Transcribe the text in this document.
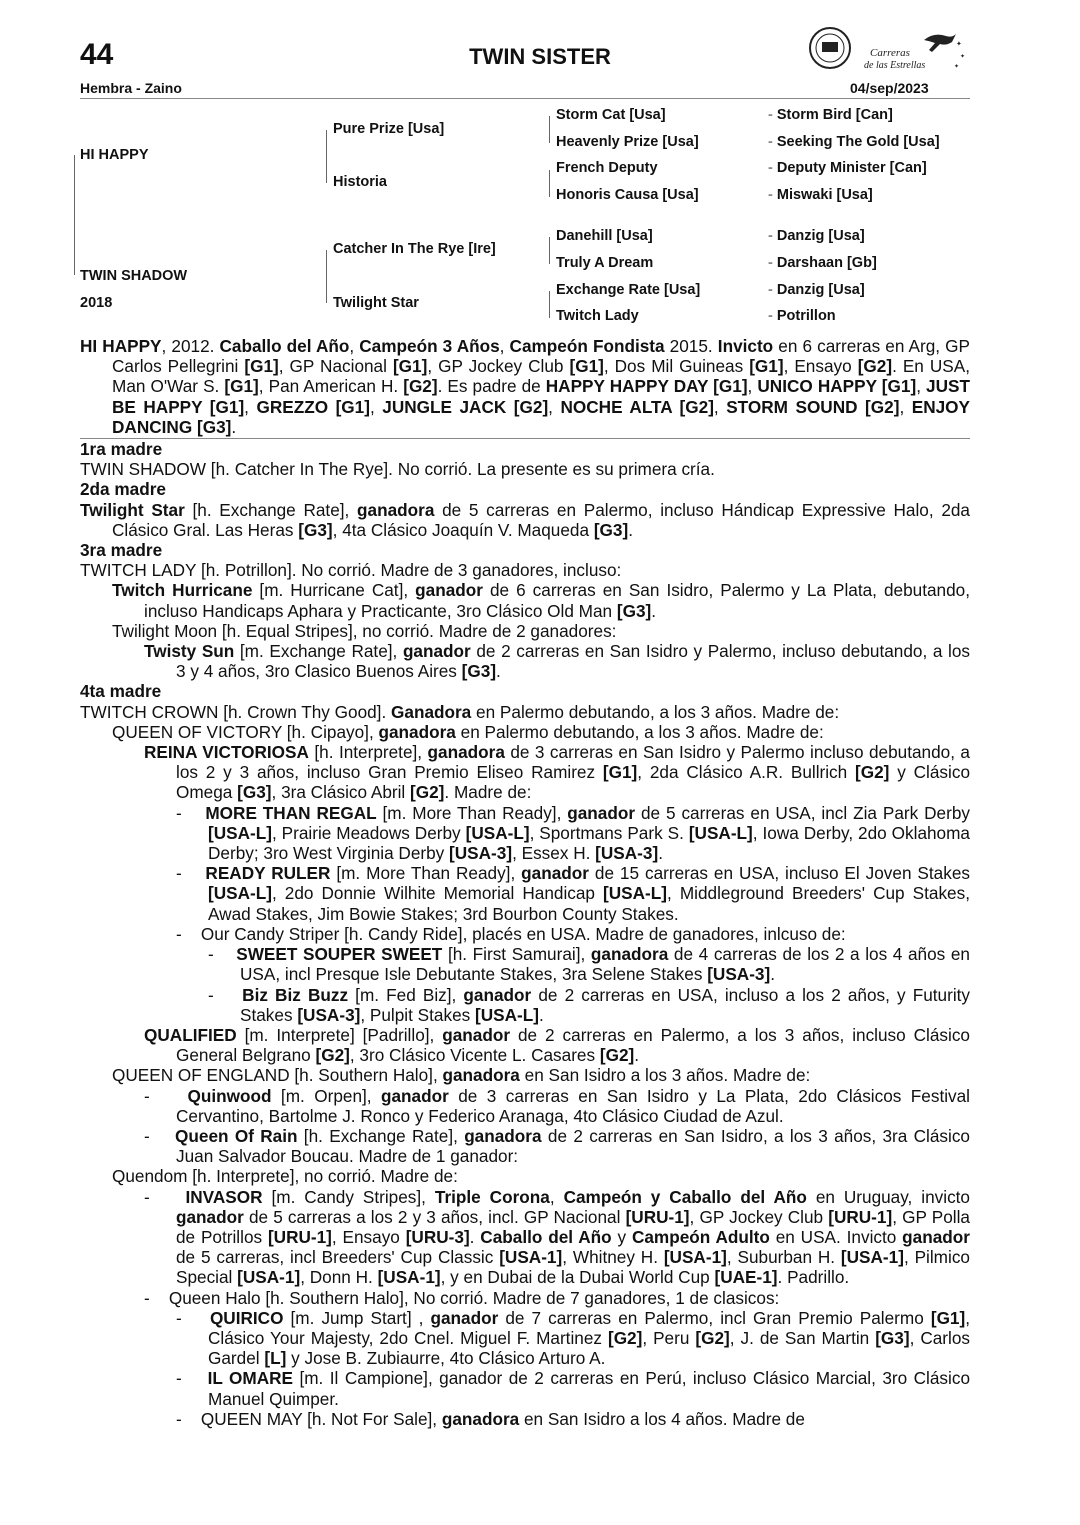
44	TWIN SISTER
Hembra - Zaino	04/sep/2023
Carreras
de las Estrellas
✦
✦
✦
HI HAPPY
TWIN SHADOW
2018
Pure Prize [Usa]
Historia
Catcher In The Rye [Ire]
Twilight Star
Storm Cat [Usa]
Heavenly Prize [Usa]
French Deputy
Honoris Causa [Usa]
Danehill [Usa]
Truly A Dream
Exchange Rate [Usa]
Twitch Lady
- Storm Bird [Can]
- Seeking The Gold [Usa]
- Deputy Minister [Can]
- Miswaki [Usa]
- Danzig [Usa]
- Darshaan [Gb]
- Danzig [Usa]
- Potrillon

HI HAPPY, 2012. Caballo del Año, Campeón 3 Años, Campeón Fondista 2015. Invicto en 6 carreras en Arg, GP Carlos Pellegrini [G1], GP Nacional [G1], GP Jockey Club [G1], Dos Mil Guineas [G1], Ensayo [G2]. En USA, Man O'War S. [G1], Pan American H. [G2]. Es padre de HAPPY HAPPY DAY [G1], UNICO HAPPY [G1], JUST BE HAPPY [G1], GREZZO [G1], JUNGLE JACK [G2], NOCHE ALTA [G2], STORM SOUND [G2], ENJOY DANCING [G3].

1ra madre

TWIN SHADOW [h. Catcher In The Rye]. No corrió. La presente es su primera cría.

2da madre

Twilight Star [h. Exchange Rate], ganadora de 5 carreras en Palermo, incluso Hándicap Expressive Halo, 2da Clásico Gral. Las Heras [G3], 4ta Clásico Joaquín V. Maqueda [G3].

3ra madre

TWITCH LADY [h. Potrillon]. No corrió. Madre de 3 ganadores, incluso:

Twitch Hurricane [m. Hurricane Cat], ganador de 6 carreras en San Isidro, Palermo y La Plata, debutando, incluso Handicaps Aphara y Practicante, 3ro Clásico Old Man [G3].

Twilight Moon [h. Equal Stripes], no corrió. Madre de 2 ganadores:

Twisty Sun [m. Exchange Rate], ganador de 2 carreras en San Isidro y Palermo, incluso debutando, a los 3 y 4 años, 3ro Clasico Buenos Aires [G3].

4ta madre

TWITCH CROWN [h. Crown Thy Good]. Ganadora en Palermo debutando, a los 3 años. Madre de:

QUEEN OF VICTORY [h. Cipayo], ganadora en Palermo debutando, a los 3 años. Madre de:

REINA VICTORIOSA [h. Interprete], ganadora de 3 carreras en San Isidro y Palermo incluso debutando, a los 2 y 3 años, incluso Gran Premio Eliseo Ramirez [G1], 2da Clásico A.R. Bullrich [G2] y Clásico Omega [G3], 3ra Clásico Abril [G2]. Madre de:

-    MORE THAN REGAL [m. More Than Ready], ganador de 5 carreras en USA, incl Zia Park Derby [USA-L], Prairie Meadows Derby [USA-L], Sportmans Park S. [USA-L], Iowa Derby, 2do Oklahoma Derby; 3ro West Virginia Derby [USA-3], Essex H. [USA-3].

-    READY RULER [m. More Than Ready], ganador de 15 carreras en USA, incluso El Joven Stakes [USA-L], 2do Donnie Wilhite Memorial Handicap [USA-L], Middleground Breeders' Cup Stakes, Awad Stakes, Jim Bowie Stakes; 3rd Bourbon County Stakes.

-    Our Candy Striper [h. Candy Ride], placés en USA. Madre de ganadores, inlcuso de:

-    SWEET SOUPER SWEET [h. First Samurai], ganadora de 4 carreras de los 2 a los 4 años en USA, incl Presque Isle Debutante Stakes, 3ra Selene Stakes [USA-3].

-    Biz Biz Buzz [m. Fed Biz], ganador de 2 carreras en USA, incluso a los 2 años, y Futurity Stakes [USA-3], Pulpit Stakes [USA-L].

QUALIFIED [m. Interprete] [Padrillo], ganador de 2 carreras en Palermo, a los 3 años, incluso Clásico General Belgrano [G2], 3ro Clásico Vicente L. Casares [G2].

QUEEN OF ENGLAND [h. Southern Halo], ganadora en San Isidro a los 3 años. Madre de:

-    Quinwood [m. Orpen], ganador de 3 carreras en San Isidro y La Plata, 2do Clásicos Festival Cervantino, Bartolme J. Ronco y Federico Aranaga, 4to Clásico Ciudad de Azul.

-    Queen Of Rain [h. Exchange Rate], ganadora de 2 carreras en San Isidro, a los 3 años, 3ra Clásico Juan Salvador Boucau. Madre de 1 ganador:

Quendom [h. Interprete], no corrió. Madre de:

-    INVASOR [m. Candy Stripes], Triple Corona, Campeón y Caballo del Año en Uruguay, invicto ganador de 5 carreras a los 2 y 3 años, incl. GP Nacional [URU-1], GP Jockey Club [URU-1], GP Polla de Potrillos [URU-1], Ensayo [URU-3]. Caballo del Año y Campeón Adulto en USA. Invicto ganador de 5 carreras, incl Breeders' Cup Classic [USA-1], Whitney H. [USA-1], Suburban H. [USA-1], Pilmico Special [USA-1], Donn H. [USA-1], y en Dubai de la Dubai World Cup [UAE-1]. Padrillo.

-    Queen Halo [h. Southern Halo], No corrió. Madre de 7 ganadores, 1 de clasicos:

-    QUIRICO [m. Jump Start] , ganador de 7 carreras en Palermo, incl Gran Premio Palermo [G1], Clásico Your Majesty, 2do Cnel. Miguel F. Martinez [G2], Peru [G2], J. de San Martin [G3], Carlos Gardel [L] y Jose B. Zubiaurre, 4to Clásico Arturo A.

-    IL OMARE [m. Il Campione], ganador de 2 carreras en Perú, incluso Clásico Marcial, 3ro Clásico Manuel Quimper.

-    QUEEN MAY [h. Not For Sale], ganadora en San Isidro a los 4 años. Madre de
